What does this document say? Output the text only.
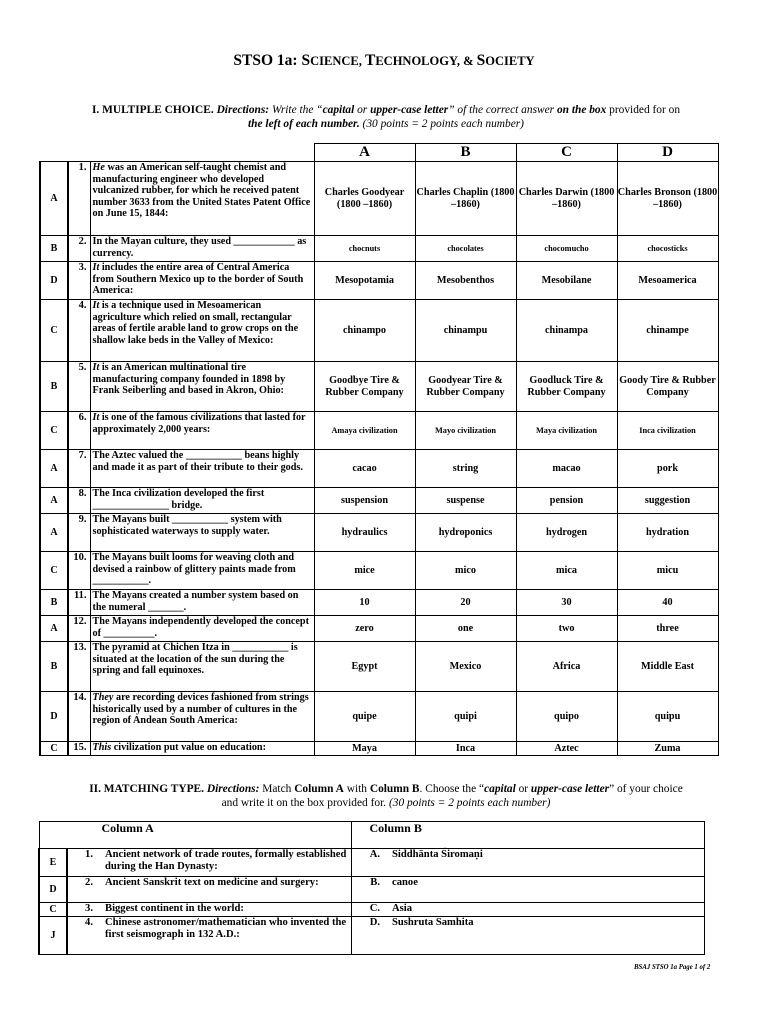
STSO 1a: SCIENCE, TECHNOLOGY, & SOCIETY
I. MULTIPLE CHOICE. Directions: Write the “capital or upper-case letter” of the correct answer on the box provided for on
the left of each number. (30 points = 2 points each number)
			A	B	C	D
A	1.	He was an American self-taught chemist and manufacturing engineer who developed vulcanized rubber, for which he received patent number 3633 from the United States Patent Office on June 15, 1844:	Charles Goodyear (1800 –1860)	Charles Chaplin (1800 –1860)	Charles Darwin (1800 –1860)	Charles Bronson (1800 –1860)
B	2.	In the Mayan culture, they used ____________ as currency.	chocnuts	chocolates	chocomucho	chocosticks
D	3.	It includes the entire area of Central America from Southern Mexico up to the border of South America:	Mesopotamia	Mesobenthos	Mesobilane	Mesoamerica
C	4.	It is a technique used in Mesoamerican agriculture which relied on small, rectangular areas of fertile arable land to grow crops on the shallow lake beds in the Valley of Mexico:	chinampo	chinampu	chinampa	chinampe
B	5.	It is an American multinational tire manufacturing company founded in 1898 by Frank Seiberling and based in Akron, Ohio:	Goodbye Tire & Rubber Company	Goodyear Tire & Rubber Company	Goodluck Tire & Rubber Company	Goody Tire & Rubber Company
C	6.	It is one of the famous civilizations that lasted for approximately 2,000 years:	Amaya civilization	Mayo civilization	Maya civilization	Inca civilization
A	7.	The Aztec valued the ___________ beans highly and made it as part of their tribute to their gods.	cacao	string	macao	pork
A	8.	The Inca civilization developed the first _______________ bridge.	suspension	suspense	pension	suggestion
A	9.	The Mayans built ___________ system with sophisticated waterways to supply water.	hydraulics	hydroponics	hydrogen	hydration
C	10.	The Mayans built looms for weaving cloth and devised a rainbow of glittery paints made from ___________.	mice	mico	mica	micu
B	11.	The Mayans created a number system based on the numeral _______.	10	20	30	40
A	12.	The Mayans independently developed the concept of __________.	zero	one	two	three
B	13.	The pyramid at Chichen Itza in ___________ is situated at the location of the sun during the spring and fall equinoxes.	Egypt	Mexico	Africa	Middle East
D	14.	They are recording devices fashioned from strings historically used by a number of cultures in the region of Andean South America:	quipe	quipi	quipo	quipu
C	15.	This civilization put value on education:	Maya	Inca	Aztec	Zuma
II. MATCHING TYPE. Directions: Match Column A with Column B. Choose the “capital or upper-case letter” of your choice
and write it on the box provided for. (30 points = 2 points each number)
Column A			Column B	
E	1.	Ancient network of trade routes, formally established during the Han Dynasty:	A.	Siddhānta Śiromaṇi
D	2.	Ancient Sanskrit text on medicine and surgery:	B.	canoe
C	3.	Biggest continent in the world:	C.	Asia
J	4.	Chinese astronomer/mathematician who invented the first seismograph in 132 A.D.:	D.	Sushruta Samhita
BSAJ STSO 1a Page 1 of 2
